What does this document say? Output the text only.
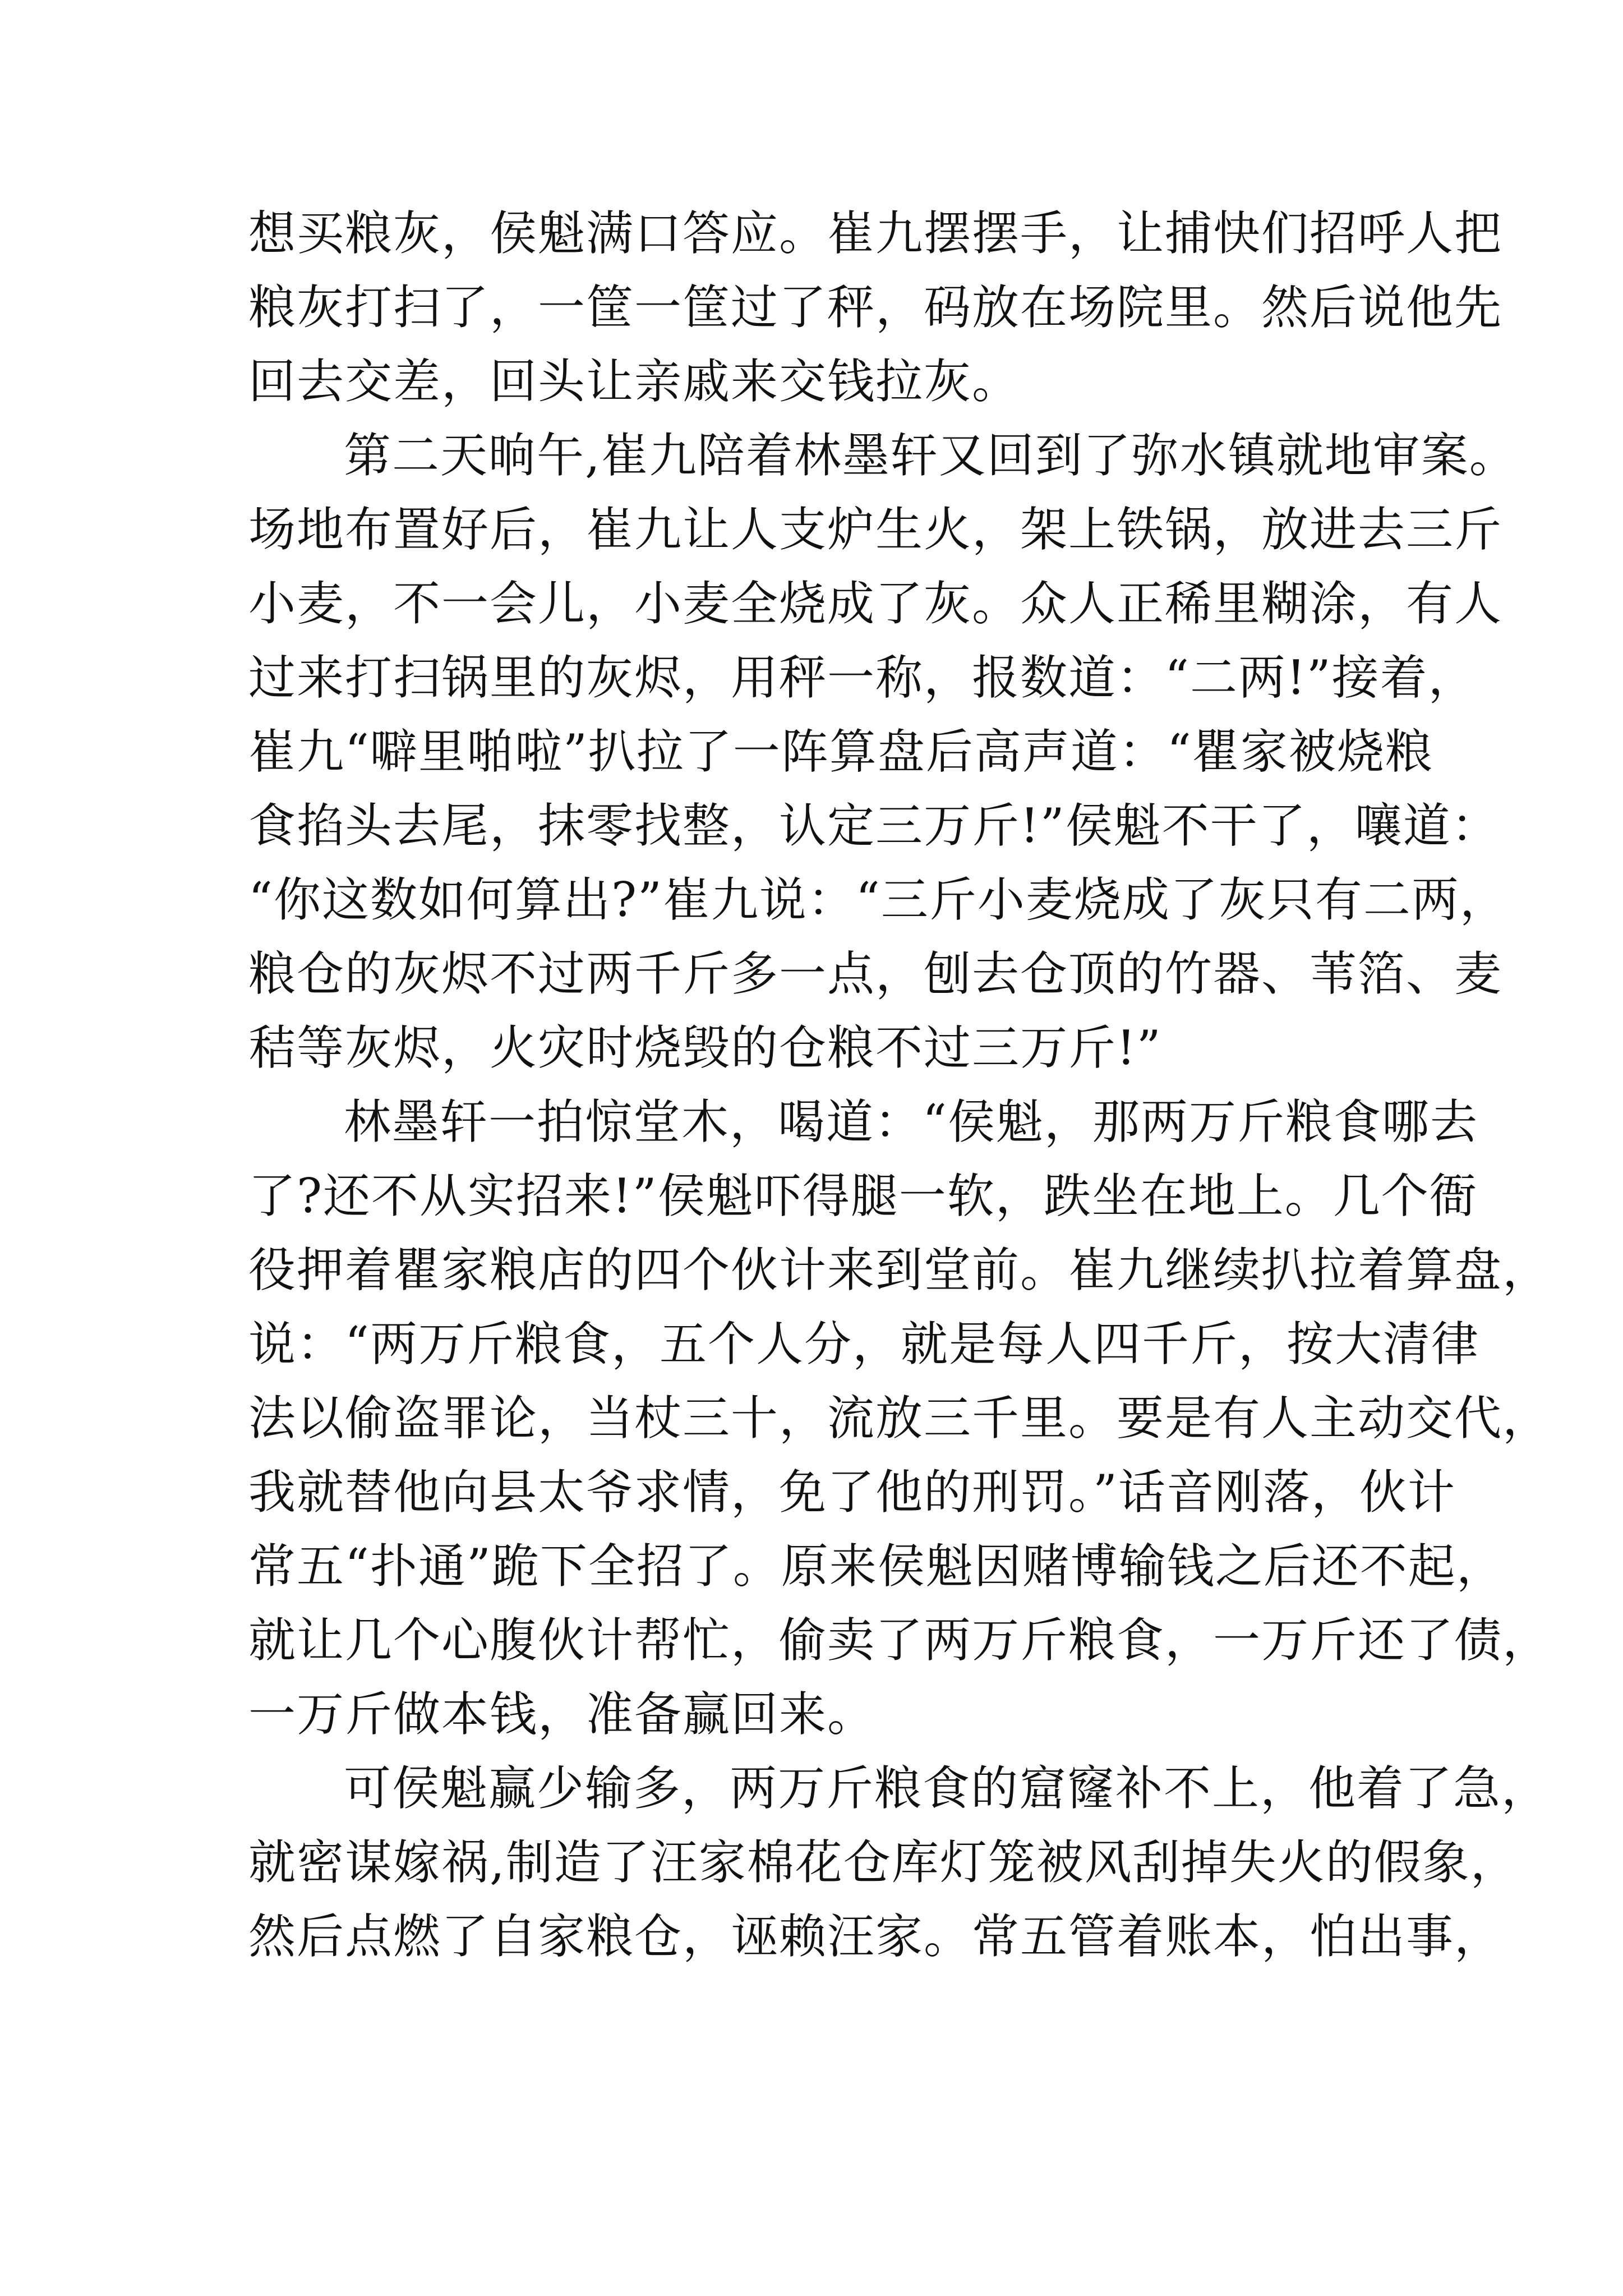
想买粮灰，侯魁满口答应。崔九摆摆手，让捕快们招呼人把
粮灰打扫了，一筐一筐过了秤，码放在场院里。然后说他先
回去交差，回头让亲戚来交钱拉灰。
第二天晌午,崔九陪着林墨轩又回到了弥水镇就地审案。
场地布置好后，崔九让人支炉生火，架上铁锅，放进去三斤
小麦，不一会儿，小麦全烧成了灰。众人正稀里糊涂，有人
过来打扫锅里的灰烬，用秤一称，报数道：“二两!”接着，
崔九“噼里啪啦”扒拉了一阵算盘后高声道：“瞿家被烧粮
食掐头去尾，抹零找整，认定三万斤!”侯魁不干了，嚷道：
“你这数如何算出?”崔九说：“三斤小麦烧成了灰只有二两，
粮仓的灰烬不过两千斤多一点，刨去仓顶的竹器、苇箔、麦
秸等灰烬，火灾时烧毁的仓粮不过三万斤!”
林墨轩一拍惊堂木，喝道：“侯魁，那两万斤粮食哪去
了?还不从实招来!”侯魁吓得腿一软，跌坐在地上。几个衙
役押着瞿家粮店的四个伙计来到堂前。崔九继续扒拉着算盘，
说：“两万斤粮食，五个人分，就是每人四千斤，按大清律
法以偷盗罪论，当杖三十，流放三千里。要是有人主动交代，
我就替他向县太爷求情，免了他的刑罚。”话音刚落，伙计
常五“扑通”跪下全招了。原来侯魁因赌博输钱之后还不起，
就让几个心腹伙计帮忙，偷卖了两万斤粮食，一万斤还了债，
一万斤做本钱，准备赢回来。
可侯魁赢少输多，两万斤粮食的窟窿补不上，他着了急，
就密谋嫁祸,制造了汪家棉花仓库灯笼被风刮掉失火的假象，
然后点燃了自家粮仓，诬赖汪家。常五管着账本，怕出事，
